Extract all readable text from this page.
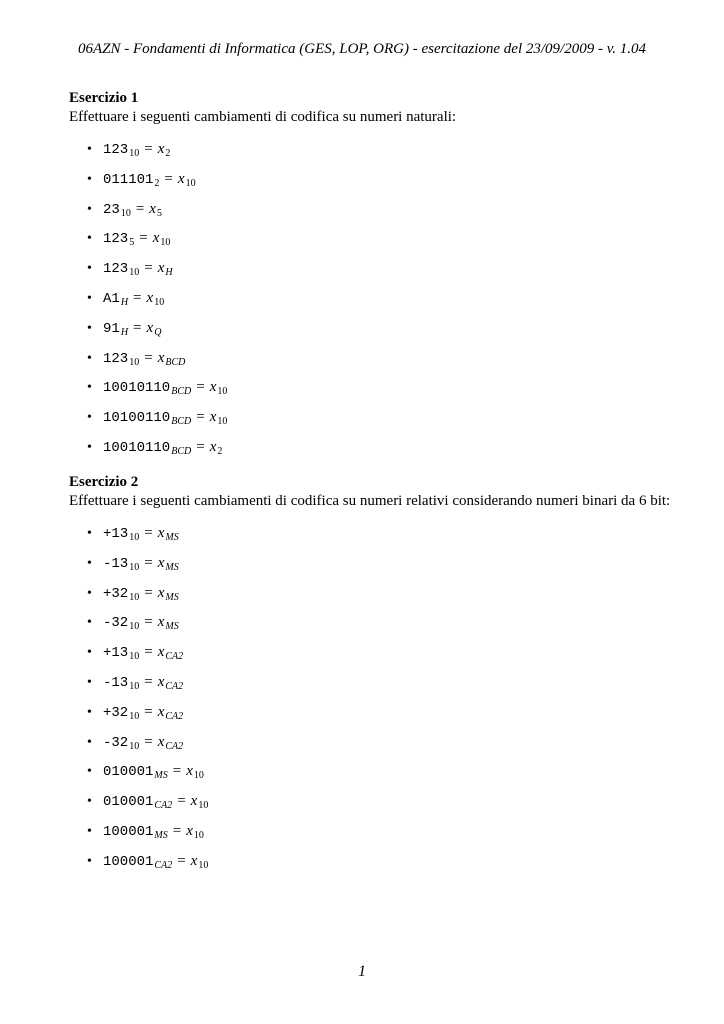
06AZN - Fondamenti di Informatica (GES, LOP, ORG) - esercitazione del 23/09/2009 - v. 1.04
Esercizio 1
Effettuare i seguenti cambiamenti di codifica su numeri naturali:
• $123_{10} = x_2$
• $011101_2 = x_{10}$
• $23_{10} = x_5$
• $123_5 = x_{10}$
• $123_{10} = x_H$
• $A1_H = x_{10}$
• $91_H = x_Q$
• $123_{10} = x_{BCD}$
• $10010110_{BCD} = x_{10}$
• $10100110_{BCD} = x_{10}$
• $10010110_{BCD} = x_2$
Esercizio 2
Effettuare i seguenti cambiamenti di codifica su numeri relativi considerando numeri binari da 6 bit:
• $+13_{10} = x_{MS}$
• $-13_{10} = x_{MS}$
• $+32_{10} = x_{MS}$
• $-32_{10} = x_{MS}$
• $+13_{10} = x_{CA2}$
• $-13_{10} = x_{CA2}$
• $+32_{10} = x_{CA2}$
• $-32_{10} = x_{CA2}$
• $010001_{MS} = x_{10}$
• $010001_{CA2} = x_{10}$
• $100001_{MS} = x_{10}$
• $100001_{CA2} = x_{10}$
1
